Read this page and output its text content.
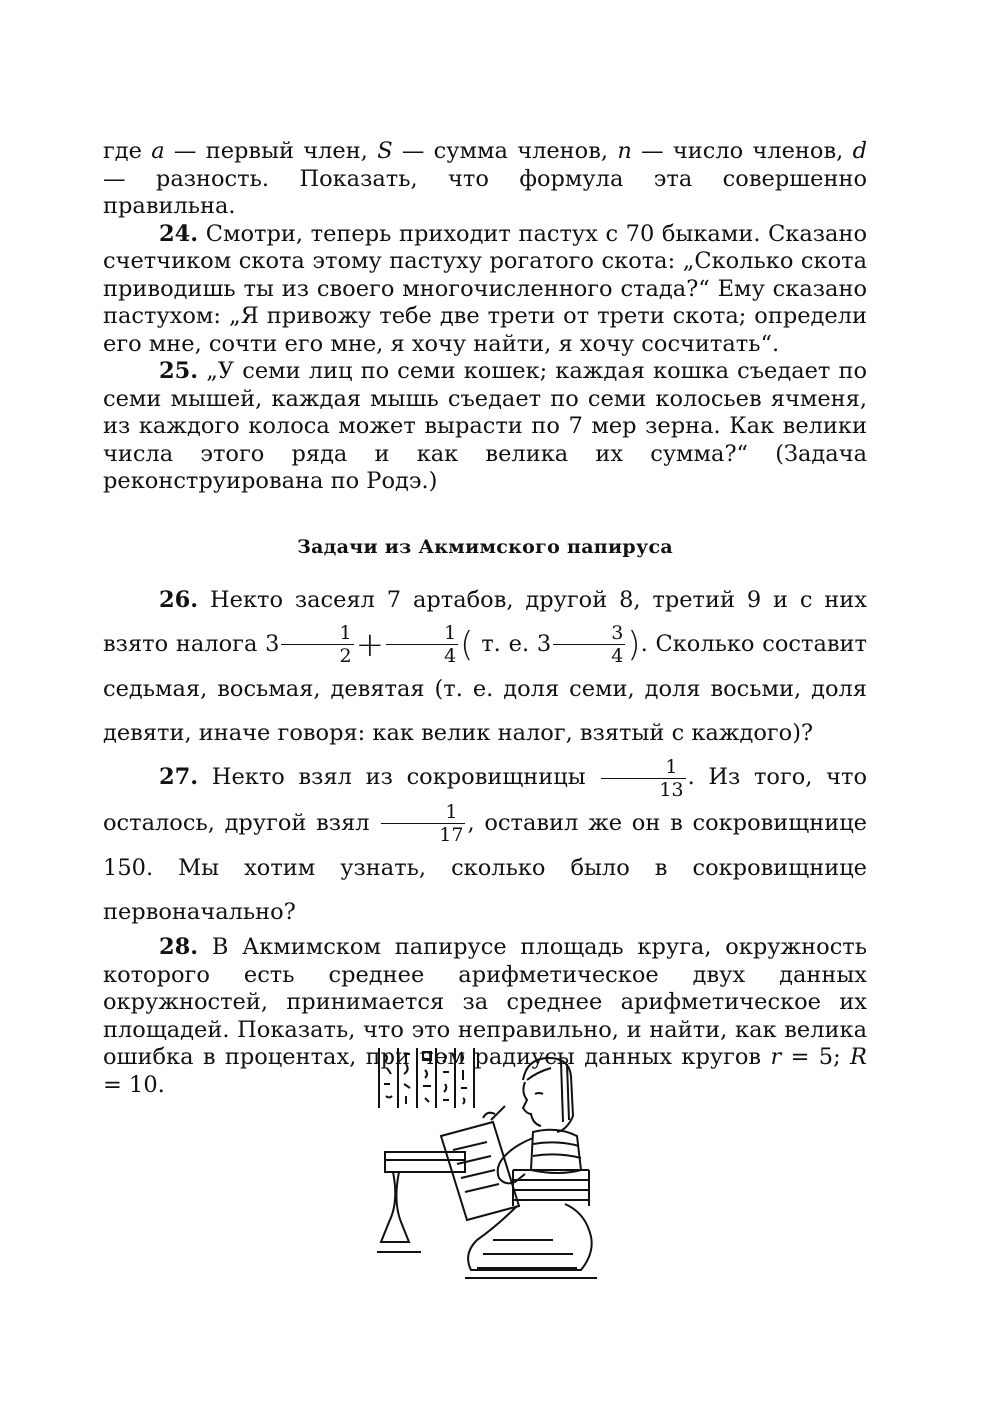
где a — первый член, S — сумма членов, n — число членов, d — разность. Показать, что формула эта совершенно правильна.

24. Смотри, теперь приходит пастух с 70 быками. Сказано счетчиком скота этому пастуху рогатого скота: „Сколько скота приводишь ты из своего многочисленного стада?“ Ему сказано пастухом: „Я привожу тебе две трети от трети скота; определи его мне, сочти его мне, я хочу найти, я хочу сосчитать“.

25. „У семи лиц по семи кошек; каждая кошка съедает по семи мышей, каждая мышь съедает по семи колосьев ячменя, из каждого колоса может вырасти по 7 мер зерна. Как велики числа этого ряда и как велика их сумма?“ (Задача реконструирована по Родэ.)

Задачи из Акмимского папируса

26. Некто засеял 7 артабов, другой 8, третий 9 и с них взято налога $3 \frac{1}{2} + \frac{1}{4}$ ( т. е. $3 \frac{3}{4}$ ). Сколько составит седьмая, восьмая, девятая (т. е. доля семи, доля восьми, доля девяти, иначе говоря: как велик налог, взятый с каждого)?

27. Некто взял из сокровищницы $\frac{1}{13}$ . Из того, что осталось, другой взял $\frac{1}{17}$ , оставил же он в сокровищнице 150. Мы хотим узнать, сколько было в сокровищнице первоначально?

28. В Акмимском папирусе площадь круга, окружность которого есть среднее арифметическое двух данных окружностей, принимается за среднее арифметическое их площадей. Показать, что это неправильно, и найти, как велика ошибка в процентах, при чем радиусы данных кругов r = 5; R = 10.
